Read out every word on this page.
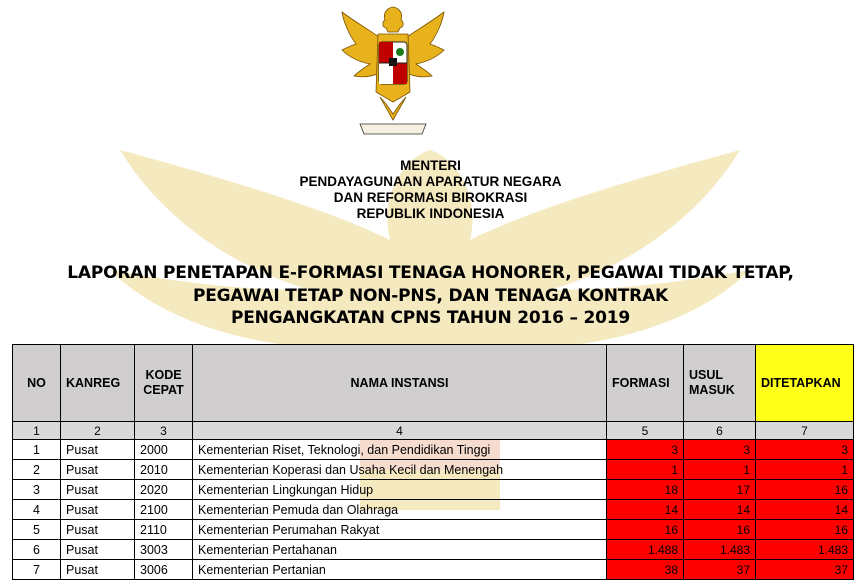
MENTERI
PENDAYAGUNAAN APARATUR NEGARA
DAN REFORMASI BIROKRASI
REPUBLIK INDONESIA
LAPORAN PENETAPAN E-FORMASI TENAGA HONORER, PEGAWAI TIDAK TETAP,
PEGAWAI TETAP NON-PNS, DAN TENAGA KONTRAK
PENGANGKATAN CPNS TAHUN 2016 – 2019
NO	KANREG	KODE CEPAT	NAMA INSTANSI	FORMASI	USUL MASUK	DITETAPKAN
1	2	3	4	5	6	7
1	Pusat	2000	Kementerian Riset, Teknologi, dan Pendidikan Tinggi	3	3	3
2	Pusat	2010	Kementerian Koperasi dan Usaha Kecil dan Menengah	1	1	1
3	Pusat	2020	Kementerian Lingkungan Hidup	18	17	16
4	Pusat	2100	Kementerian Pemuda dan Olahraga	14	14	14
5	Pusat	2110	Kementerian Perumahan Rakyat	16	16	16
6	Pusat	3003	Kementerian Pertahanan	1.488	1.483	1.483
7	Pusat	3006	Kementerian Pertanian	38	37	37
